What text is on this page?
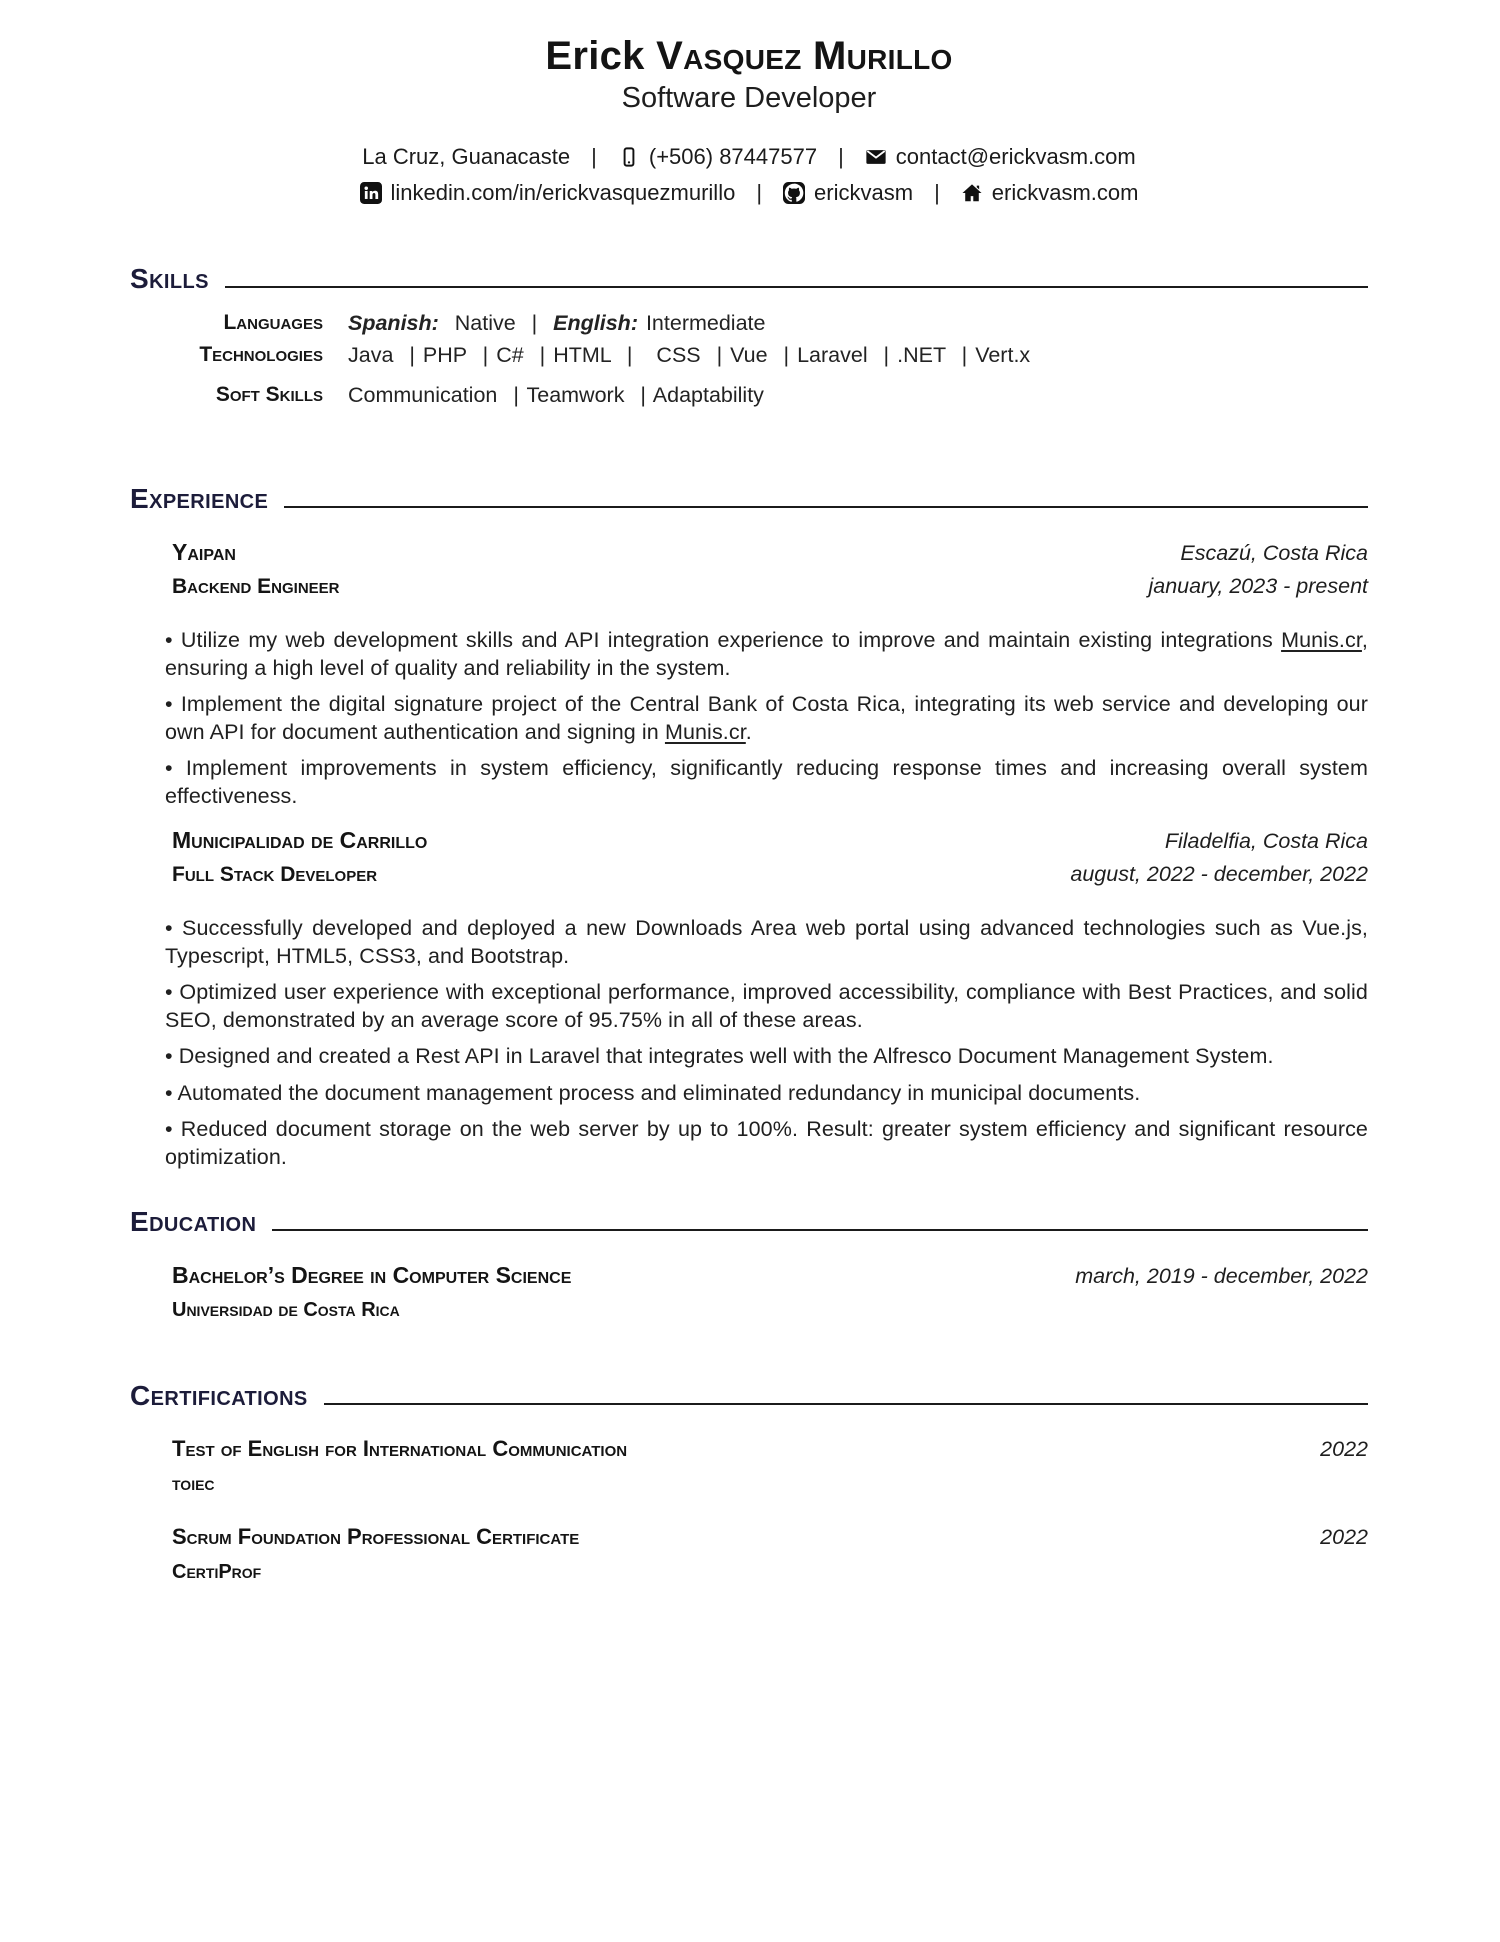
Erick Vasquez Murillo
Software Developer
La Cruz, Guanacaste | (+506) 87447577 | contact@erickvasm.com
linkedin.com/in/erickvasquezmurillo | erickvasm | erickvasm.com
Skills
Languages Spanish:  Native  |  English: Intermediate
Technologies Java  | PHP  | C#  | HTML  |   CSS  | Vue  | Laravel  | .NET  | Vert.x
Soft Skills Communication  | Teamwork  | Adaptability
Experience
Yaipan	Escazú, Costa Rica
Backend Engineer	january, 2023 - present

• Utilize my web development skills and API integration experience to improve and maintain existing integrations Munis.cr, ensuring a high level of quality and reliability in the system.

• Implement the digital signature project of the Central Bank of Costa Rica, integrating its web service and developing our own API for document authentication and signing in Munis.cr.

• Implement improvements in system efficiency, significantly reducing response times and increasing overall system effectiveness.

Municipalidad de Carrillo	Filadelfia, Costa Rica
Full Stack Developer	august, 2022 - december, 2022

• Successfully developed and deployed a new Downloads Area web portal using advanced technologies such as Vue.js, Typescript, HTML5, CSS3, and Bootstrap.

• Optimized user experience with exceptional performance, improved accessibility, compliance with Best Practices, and solid SEO, demonstrated by an average score of 95.75% in all of these areas.

• Designed and created a Rest API in Laravel that integrates well with the Alfresco Document Management System.

• Automated the document management process and eliminated redundancy in municipal documents.

• Reduced document storage on the web server by up to 100%. Result: greater system efficiency and significant resource optimization.

Education
Bachelor’s Degree in Computer Science	march, 2019 - december, 2022
Universidad de Costa Rica
Certifications
Test of English for International Communication	2022
toiec
Scrum Foundation Professional Certificate	2022
CertiProf
